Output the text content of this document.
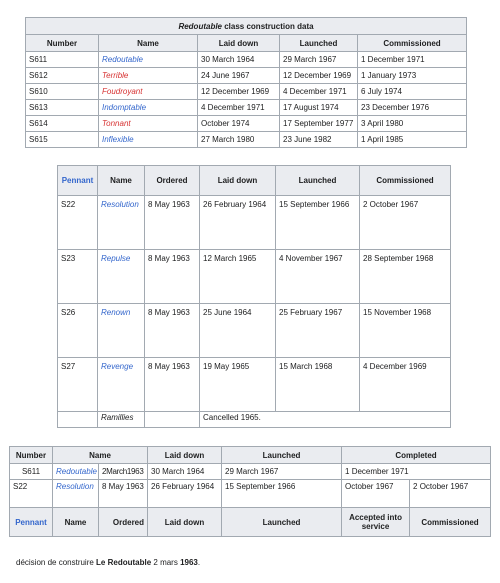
Redoutable class construction data				
Number	Name	Laid down	Launched	Commissioned
S611	Redoutable	30 March 1964	29 March 1967	1 December 1971
S612	Terrible	24 June 1967	12 December 1969	1 January 1973
S610	Foudroyant	12 December 1969	4 December 1971	6 July 1974
S613	Indomptable	4 December 1971	17 August 1974	23 December 1976
S614	Tonnant	October 1974	17 September 1977	3 April 1980
S615	Inflexible	27 March 1980	23 June 1982	1 April 1985
Pennant	Name	Ordered	Laid down	Launched	Commissioned
S22	Resolution	8 May 1963	26 February 1964	15 September 1966	2 October 1967
S23	Repulse	8 May 1963	12 March 1965	4 November 1967	28 September 1968
S26	Renown	8 May 1963	25 June 1964	25 February 1967	15 November 1968
S27	Revenge	8 May 1963	19 May 1965	15 March 1968	4 December 1969
	Ramillies		Cancelled 1965.		
Number	Name		Laid down	Launched	Completed	
S611	Redoutable	2March1963	30 March 1964	29 March 1967	1 December 1971	
S22	Resolution	8 May 1963	26 February 1964	15 September 1966	October 1967	2 October 1967
Pennant	Name	Ordered	Laid down	Launched	Accepted into service	Commissioned
décision de construire Le Redoutable 2 mars 1963.
